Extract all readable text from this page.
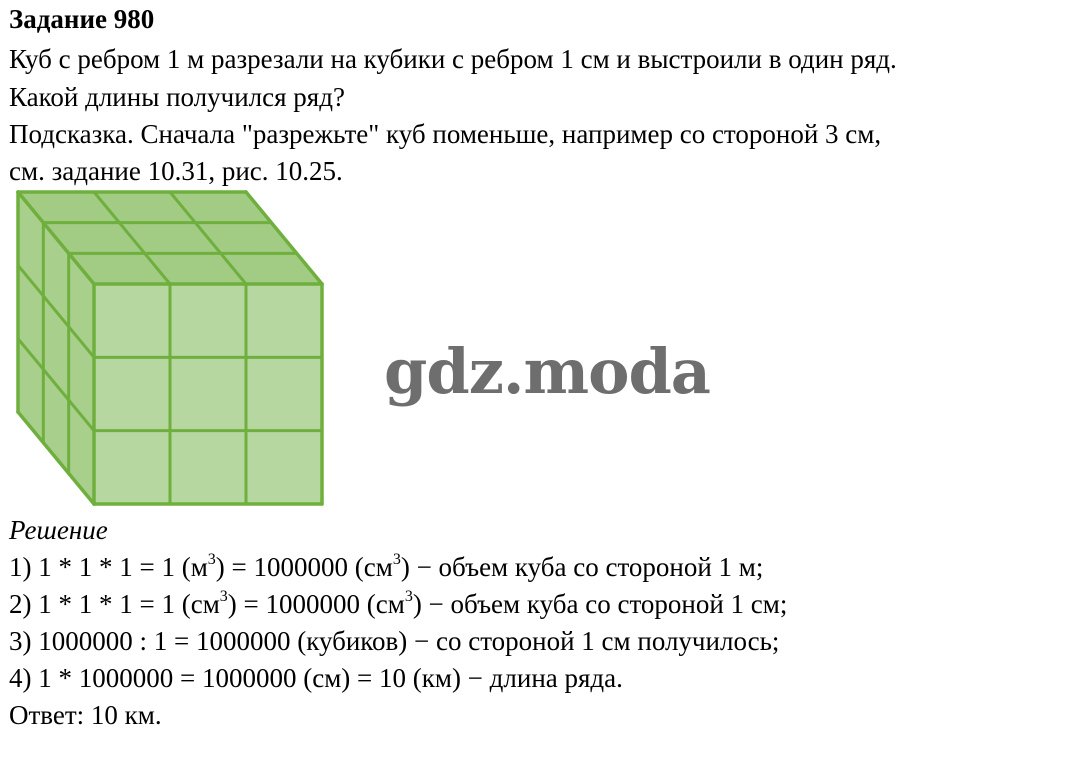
Задание 980

Куб с ребром 1 м разрезали на кубики с ребром 1 см и выстроили в один ряд.

Какой длины получился ряд?

Подсказка. Сначала "разрежьте" куб поменьше, например со стороной 3 см,

см. задание 10.31, рис. 10.25.

gdz.moda

Решение

1) 1 * 1 * 1 = 1 $(м^3) = 1000000$ $(см^3)$ − объем куба со стороной 1 м;

2) 1 * 1 * 1 = 1 $(см^3) = 1000000$ $(см^3)$ − объем куба со стороной 1 см;

3) 1000000 : 1 = 1000000 (кубиков) − со стороной 1 см получилось;

4) 1 * 1000000 = 1000000 (см) = 10 (км) − длина ряда.

Ответ: 10 км.
